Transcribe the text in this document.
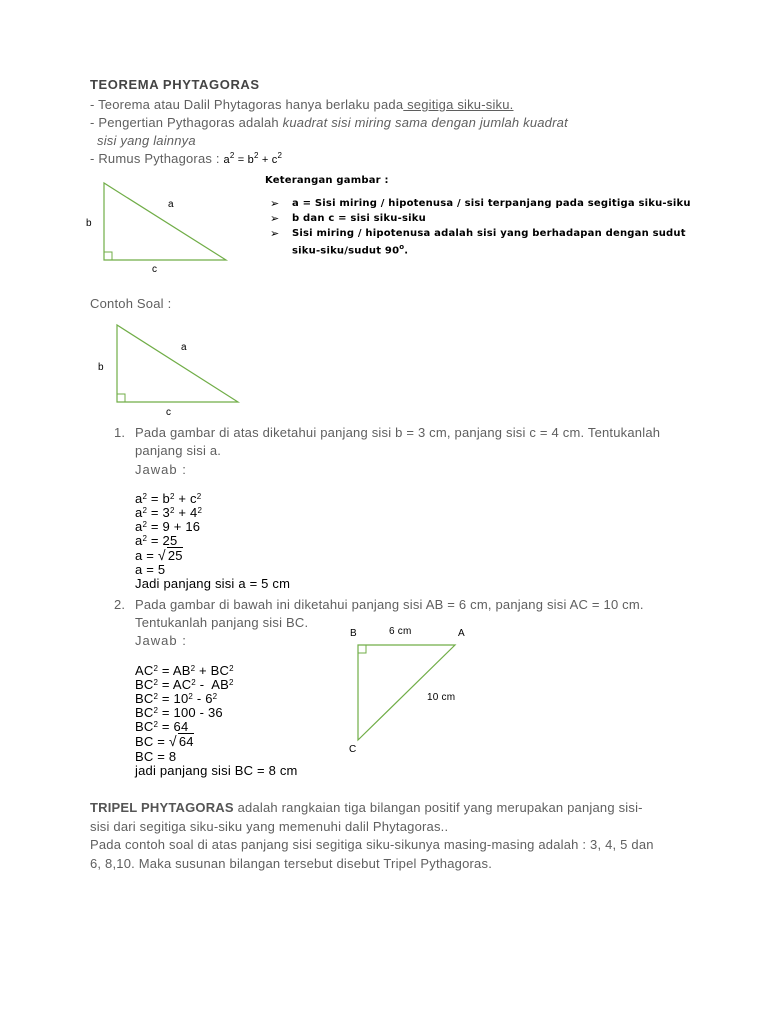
TEOREMA PHYTAGORAS
- Teorema atau Dalil Phytagoras hanya berlaku pada segitiga siku-siku.
- Pengertian Pythagoras adalah kuadrat sisi miring sama dengan jumlah kuadrat
sisi yang lainnya
- Rumus Pythagoras : $a^2 = b^2 + c^2$
a
b
c
Keterangan gambar :
➢ a = Sisi miring / hipotenusa / sisi terpanjang pada segitiga siku-siku
➢ b dan c = sisi siku-siku
➢ Sisi miring / hipotenusa adalah sisi yang berhadapan dengan sudut
siku-siku/sudut 90$^o$.
Contoh Soal :
a
b
c
1. Pada gambar di atas diketahui panjang sisi b = 3 cm, panjang sisi c = 4 cm. Tentukanlah
panjang sisi a.
Jawab :
$a^2 = b^2 + c^2$
$a^2 = 3^2 + 4^2$
$a^2 = 9 + 16$
$a^2 = 25$
a = √ 25
a = 5
Jadi panjang sisi a = 5 cm
2. Pada gambar di bawah ini diketahui panjang sisi AB = 6 cm, panjang sisi AC = 10 cm.
Tentukanlah panjang sisi BC.
Jawab :
$AC^2 = AB^2 + BC^2$
$BC^2 = AC^2 - AB^2$
$BC^2 = 10^2 - 6^2$
$BC^2 = 100 - 36$
$BC^2 = 64$
BC = √ 64
BC = 8
jadi panjang sisi BC = 8 cm
B	6 cm	A
10 cm
C
TRIPEL PHYTAGORAS adalah rangkaian tiga bilangan positif yang merupakan panjang sisi-
sisi dari segitiga siku-siku yang memenuhi dalil Phytagoras..
Pada contoh soal di atas panjang sisi segitiga siku-sikunya masing-masing adalah : 3, 4, 5 dan
6, 8,10. Maka susunan bilangan tersebut disebut Tripel Pythagoras.
